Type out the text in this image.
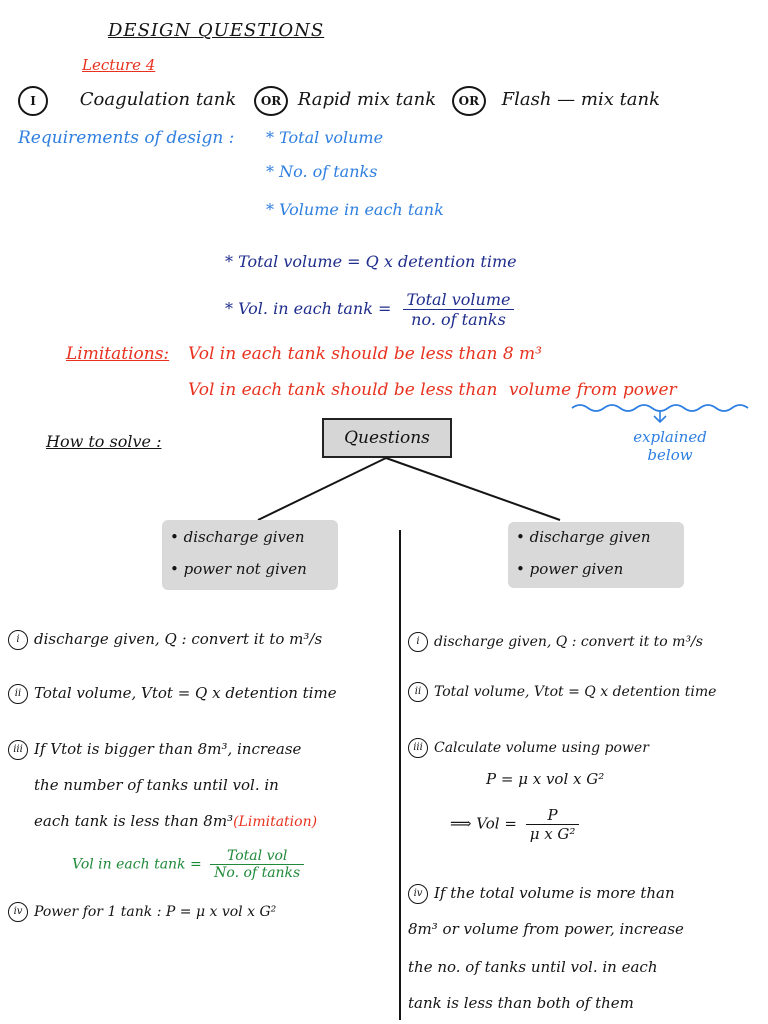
DESIGN QUESTIONS
Lecture 4
I Coagulation tank OR Rapid mix tank OR Flash — mix tank
Requirements of design : * Total volume
* No. of tanks
* Volume in each tank
* Total volume = Q x detention time
* Vol. in each $\tan k = \frac{\text{Total volume}}{\text{no. of tanks}}$
Limitations: Vol in each tank should be less than 8 m³
Vol in each tank should be less than volume from power
explained below
How to solve :	Questions
• discharge given
• power not given
• discharge given
• power given
i discharge given, Q : convert it to m³/s
ii Total volume, Vtot = Q x detention time
iii If Vtot is bigger than 8m³, increase
the number of tanks until vol. in
each tank is less than 8m³(Limitation)
Vol in each $\tan k = \frac{\text{Total vol}}{\text{No. of tanks}}$
iv Power for 1 tank : P = μ x vol x G²
i discharge given, Q : convert it to m³/s
ii Total volume, Vtot = Q x detention time
iii Calculate volume using power
P = μ x vol x G²
⟹ Vol = $\frac{P}{\text{μ x G²}}$
iv If the total volume is more than
8m³ or volume from power, increase
the no. of tanks until vol. in each
tank is less than both of them
